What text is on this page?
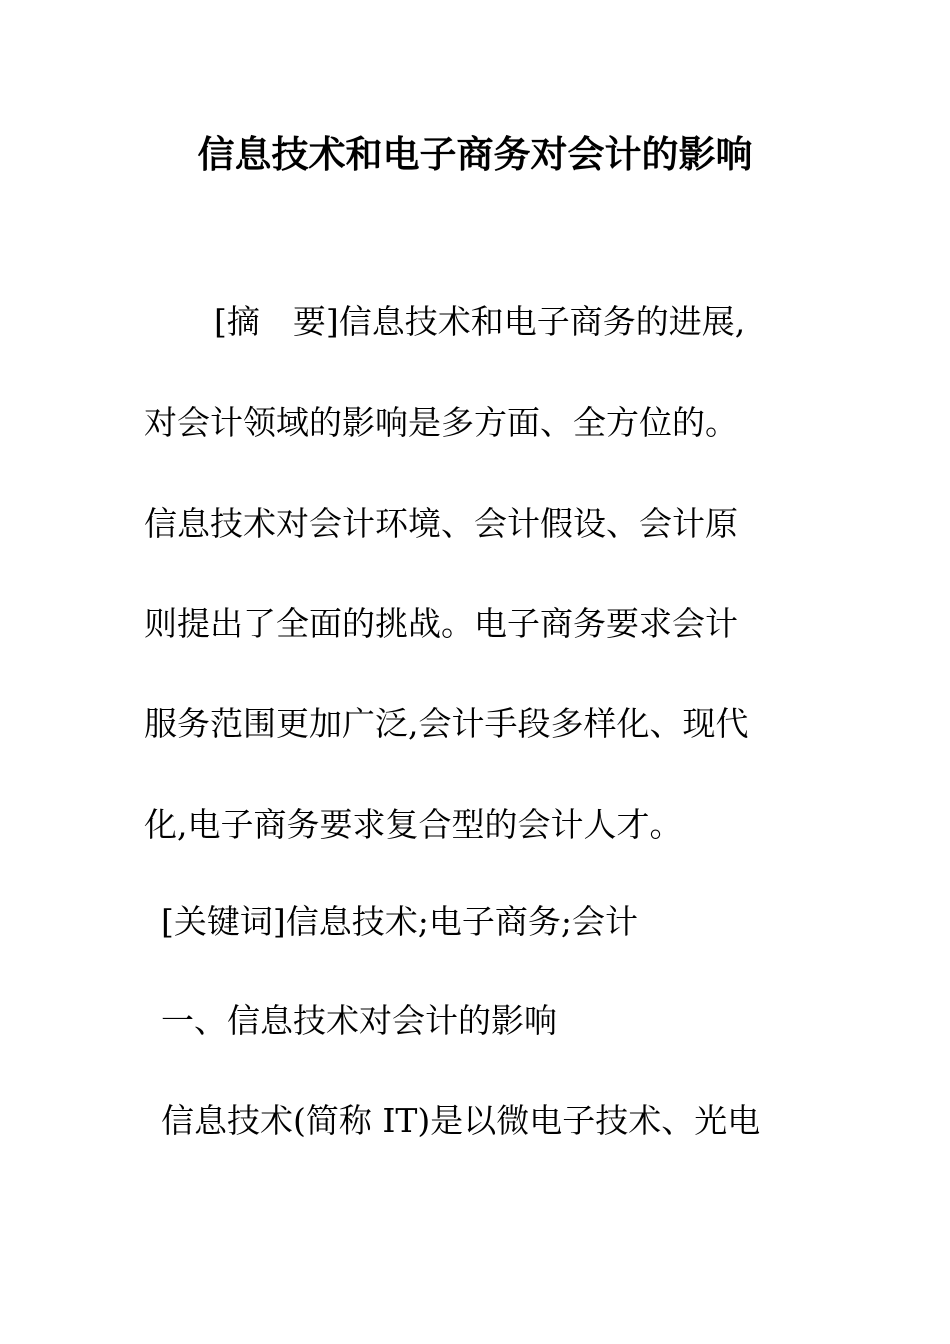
信息技术和电子商务对会计的影响
[摘　要]信息技术和电子商务的进展,
对会计领域的影响是多方面、全方位的。
信息技术对会计环境、会计假设、会计原
则提出了全面的挑战。电子商务要求会计
服务范围更加广泛,会计手段多样化、现代
化,电子商务要求复合型的会计人才。
[关键词]信息技术;电子商务;会计
一、信息技术对会计的影响
信息技术(简称 IT)是以微电子技术、光电
